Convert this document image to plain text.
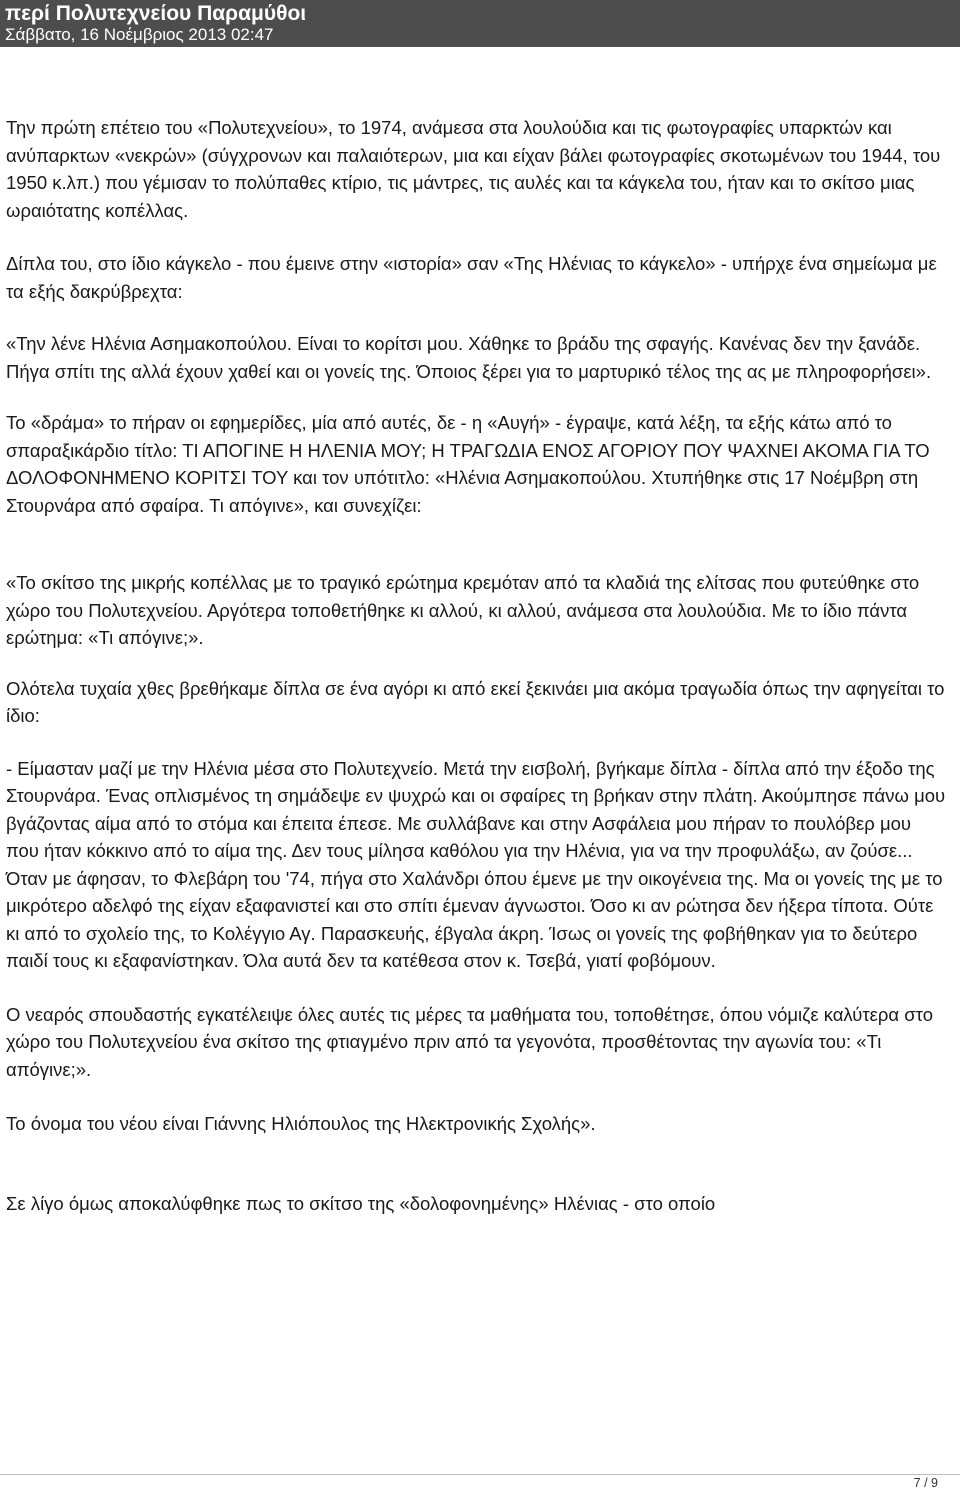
περί Πολυτεχνείου Παραμύθοι
Σάββατο, 16 Νοέμβριος 2013 02:47

Την πρώτη επέτειο του «Πολυτεχνείου», το 1974, ανάμεσα στα λουλούδια και τις φωτογραφίες υπαρκτών και ανύπαρκτων «νεκρών» (σύγχρονων και παλαιότερων, μια και είχαν βάλει φωτογραφίες σκοτωμένων του 1944, του 1950 κ.λπ.) που γέμισαν το πολύπαθες κτίριο, τις μάντρες, τις αυλές και τα κάγκελα του, ήταν και το σκίτσο μιας ωραιότατης κοπέλλας.

Δίπλα του, στο ίδιο κάγκελο - που έμεινε στην «ιστορία» σαν «Της Ηλένιας το κάγκελο» - υπήρχε ένα σημείωμα με τα εξής δακρύβρεχτα:

«Την λένε Ηλένια Ασημακοπούλου. Είναι το κορίτσι μου. Χάθηκε το βράδυ της σφαγής. Κανένας δεν την ξανάδε. Πήγα σπίτι της αλλά έχουν χαθεί και οι γονείς της. Όποιος ξέρει για το μαρτυρικό τέλος της ας με πληροφορήσει».

Το «δράμα» το πήραν οι εφημερίδες, μία από αυτές, δε - η «Αυγή» - έγραψε, κατά λέξη, τα εξής κάτω από το σπαραξικάρδιο τίτλο: ΤΙ ΑΠΟΓΙΝΕ Η ΗΛΕΝΙΑ ΜΟΥ; Η ΤΡΑΓΩΔΙΑ ΕΝΟΣ ΑΓΟΡΙΟΥ ΠΟΥ ΨΑΧΝΕΙ ΑΚΟΜΑ ΓΙΑ ΤΟ ΔΟΛΟΦΟΝΗΜΕΝΟ ΚΟΡΙΤΣΙ ΤΟΥ και τον υπότιτλο: «Ηλένια Ασημακοπούλου. Χτυπήθηκε στις 17 Νοέμβρη στη Στουρνάρα από σφαίρα. Τι απόγινε», και συνεχίζει:

«Το σκίτσο της μικρής κοπέλλας με το τραγικό ερώτημα κρεμόταν από τα κλαδιά της ελίτσας που φυτεύθηκε στο χώρο του Πολυτεχνείου. Αργότερα τοποθετήθηκε κι αλλού, κι αλλού, ανάμεσα στα λουλούδια. Με το ίδιο πάντα ερώτημα: «Τι απόγινε;».

Ολότελα τυχαία χθες βρεθήκαμε δίπλα σε ένα αγόρι κι από εκεί ξεκινάει μια ακόμα τραγωδία όπως την αφηγείται το ίδιο:

- Είμασταν μαζί με την Ηλένια μέσα στο Πολυτεχνείο. Μετά την εισβολή, βγήκαμε δίπλα - δίπλα από την έξοδο της Στουρνάρα. Ένας οπλισμένος τη σημάδεψε εν ψυχρώ και οι σφαίρες τη βρήκαν στην πλάτη. Ακούμπησε πάνω μου βγάζοντας αίμα από το στόμα και έπειτα έπεσε. Με συλλάβανε και στην Ασφάλεια μου πήραν το πουλόβερ μου που ήταν κόκκινο από το αίμα της. Δεν τους μίλησα καθόλου για την Ηλένια, για να την προφυλάξω, αν ζούσε... Όταν με άφησαν, το Φλεβάρη του '74, πήγα στο Χαλάνδρι όπου έμενε με την οικογένεια της. Μα οι γονείς της με το μικρότερο αδελφό της είχαν εξαφανιστεί και στο σπίτι έμεναν άγνωστοι. Όσο κι αν ρώτησα δεν ήξερα τίποτα. Ούτε κι από το σχολείο της, το Κολέγγιο Αγ. Παρασκευής, έβγαλα άκρη. Ίσως οι γονείς της φοβήθηκαν για το δεύτερο παιδί τους κι εξαφανίστηκαν. Όλα αυτά δεν τα κατέθεσα στον κ. Τσεβά, γιατί φοβόμουν.

Ο νεαρός σπουδαστής εγκατέλειψε όλες αυτές τις μέρες τα μαθήματα του, τοποθέτησε, όπου νόμιζε καλύτερα στο χώρο του Πολυτεχνείου ένα σκίτσο της φτιαγμένο πριν από τα γεγονότα, προσθέτοντας την αγωνία του: «Τι απόγινε;».

Το όνομα του νέου είναι Γιάννης Ηλιόπουλος της Ηλεκτρονικής Σχολής».

Σε λίγο όμως αποκαλύφθηκε πως το σκίτσο της «δολοφονημένης» Ηλένιας - στο οποίο

7 / 9
